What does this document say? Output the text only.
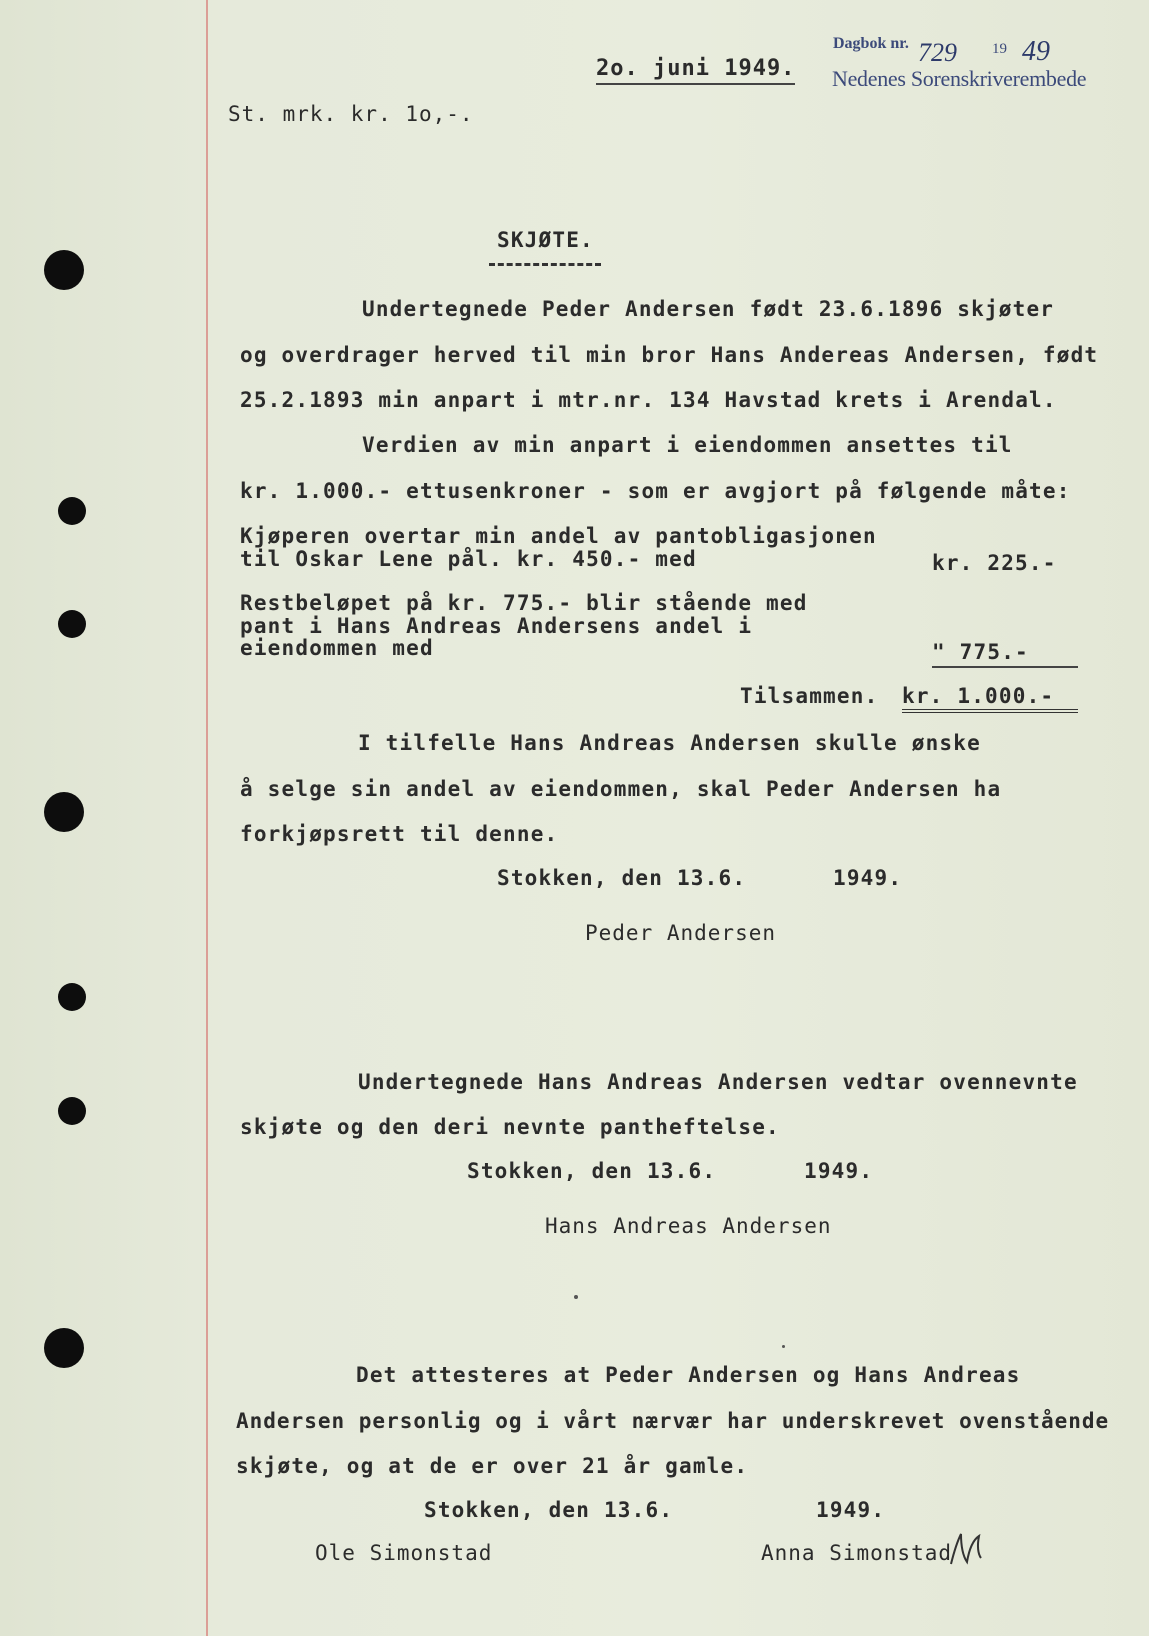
2o. juni 1949.
Dagbok nr. 729 19 49
Nedenes Sorenskriverembede
St. mrk. kr. 1o,-.
SKJØTE.
Undertegnede Peder Andersen født 23.6.1896 skjøter
og overdrager herved til min bror Hans Andereas Andersen, født
25.2.1893 min anpart i mtr.nr. 134 Havstad krets i Arendal.
Verdien av min anpart i eiendommen ansettes til
kr. 1.000.- ettusenkroner - som er avgjort på følgende måte:
Kjøperen overtar min andel av pantobligasjonen
til Oskar Lene pål. kr. 450.- med	kr. 225.-
Restbeløpet på kr. 775.- blir stående med
pant i Hans Andreas Andersens andel i
eiendommen med	" 775.-
Tilsammen. kr. 1.000.-
I tilfelle Hans Andreas Andersen skulle ønske
å selge sin andel av eiendommen, skal Peder Andersen ha
forkjøpsrett til denne.
Stokken, den 13.6.	1949.
Peder Andersen
Undertegnede Hans Andreas Andersen vedtar ovennevnte
skjøte og den deri nevnte pantheftelse.
Stokken, den 13.6.	1949.
Hans Andreas Andersen
Det attesteres at Peder Andersen og Hans Andreas
Andersen personlig og i vårt nærvær har underskrevet ovenstående
skjøte, og at de er over 21 år gamle.
Stokken, den 13.6.	1949.
Ole Simonstad	Anna Simonstad
